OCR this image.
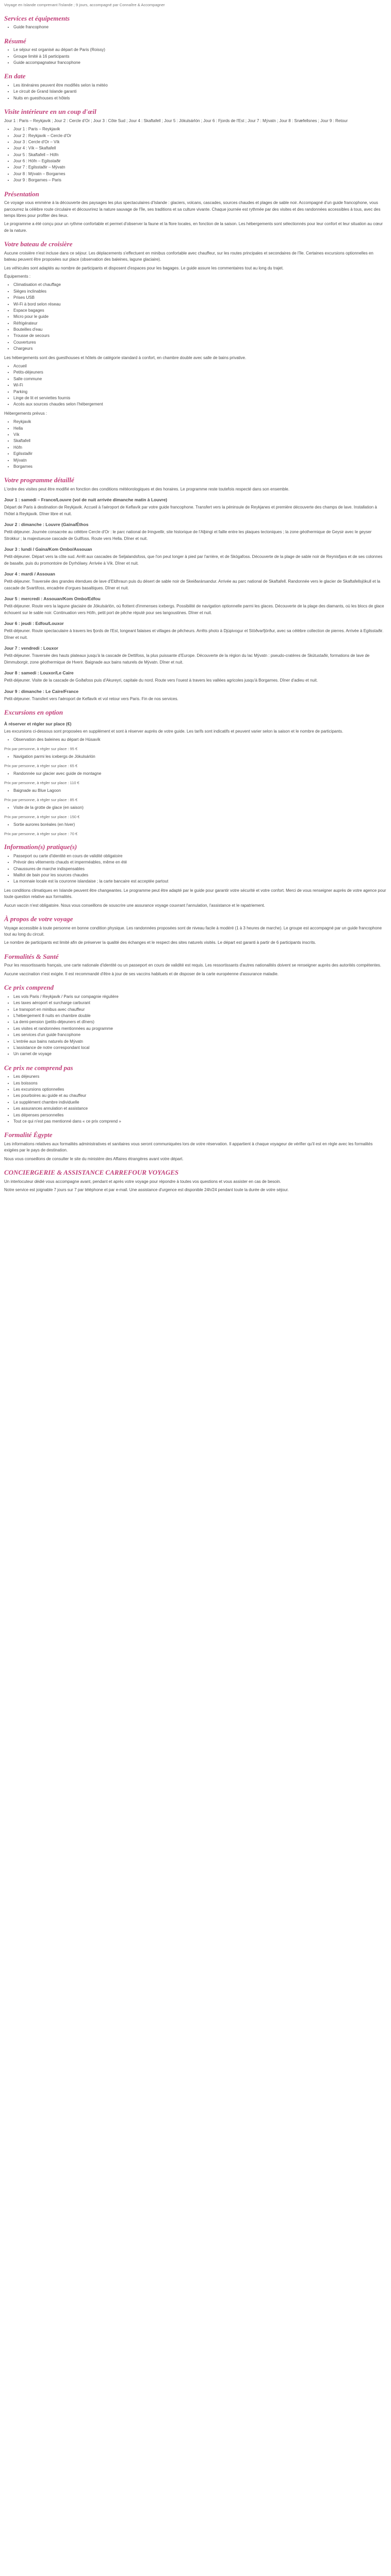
Voyage en Islande comprenant l'Islande ; 9 jours, accompagné par Connaître & Accompagner
Services et équipements
• Guide francophone
Résumé
• Le séjour est organisé au départ de Paris (Roissy)
• Groupe limité à 16 participants
• Guide accompagnateur francophone
En date
• Les itinéraires peuvent être modifiés selon la météo
• Le circuit de Grand Islande garanti
• Nuits en guesthouses et hôtels
Visite intérieure en un coup d'œil

Jour 1 : Paris – Reykjavik ; Jour 2 : Cercle d'Or ; Jour 3 : Côte Sud ; Jour 4 : Skaftafell ; Jour 5 : Jökulsárlón ; Jour 6 : Fjords de l'Est ; Jour 7 : Mývatn ; Jour 8 : Snæfellsnes ; Jour 9 : Retour

• Jour 1 : Paris – Reykjavik
• Jour 2 : Reykjavik – Cercle d'Or
• Jour 3 : Cercle d'Or – Vík
• Jour 4 : Vík – Skaftafell
• Jour 5 : Skaftafell – Höfn
• Jour 6 : Höfn – Egilsstaðir
• Jour 7 : Egilsstaðir – Mývatn
• Jour 8 : Mývatn – Borgarnes
• Jour 9 : Borgarnes – Paris
Présentation

Ce voyage vous emmène à la découverte des paysages les plus spectaculaires d'Islande : glaciers, volcans, cascades, sources chaudes et plages de sable noir. Accompagné d'un guide francophone, vous parcourrez la célèbre route circulaire et découvrirez la nature sauvage de l'île, ses traditions et sa culture vivante. Chaque journée est rythmée par des visites et des randonnées accessibles à tous, avec des temps libres pour profiter des lieux.

Le programme a été conçu pour un rythme confortable et permet d'observer la faune et la flore locales, en fonction de la saison. Les hébergements sont sélectionnés pour leur confort et leur situation au cœur de la nature.

Votre bateau de croisière

Aucune croisière n'est incluse dans ce séjour. Les déplacements s'effectuent en minibus confortable avec chauffeur, sur les routes principales et secondaires de l'île. Certaines excursions optionnelles en bateau peuvent être proposées sur place (observation des baleines, lagune glaciaire).

Les véhicules sont adaptés au nombre de participants et disposent d'espaces pour les bagages. Le guide assure les commentaires tout au long du trajet.

Équipements :

• Climatisation et chauffage
• Sièges inclinables
• Prises USB
• Wi-Fi à bord selon réseau
• Espace bagages
• Micro pour le guide
• Réfrigérateur
• Bouteilles d'eau
• Trousse de secours
• Couvertures
• Chargeurs

Les hébergements sont des guesthouses et hôtels de catégorie standard à confort, en chambre double avec salle de bains privative.

• Accueil
• Petits-déjeuners
• Salle commune
• Wi-Fi
• Parking
• Linge de lit et serviettes fournis
• Accès aux sources chaudes selon l'hébergement

Hébergements prévus :

• Reykjavik
• Hella
• Vík
• Skaftafell
• Höfn
• Egilsstaðir
• Mývatn
• Borgarnes
Votre programme détaillé

L'ordre des visites peut être modifié en fonction des conditions météorologiques et des horaires. Le programme reste toutefois respecté dans son ensemble.

Jour 1 : samedi – France/Louvre (vol de nuit arrivée dimanche matin à Louvre)

Départ de Paris à destination de Reykjavik. Accueil à l'aéroport de Keflavík par votre guide francophone. Transfert vers la péninsule de Reykjanes et première découverte des champs de lave. Installation à l'hôtel à Reykjavik. Dîner libre et nuit.

Jour 2 : dimanche : Louvre (Gaina/Éthos

Petit-déjeuner. Journée consacrée au célèbre Cercle d'Or : le parc national de Þingvellir, site historique de l'Alþingi et faille entre les plaques tectoniques ; la zone géothermique de Geysir avec le geyser Strokkur ; la majestueuse cascade de Gullfoss. Route vers Hella. Dîner et nuit.

Jour 3 : lundi / Gaina/Kom Ombo/Assouan

Petit-déjeuner. Départ vers la côte sud. Arrêt aux cascades de Seljalandsfoss, que l'on peut longer à pied par l'arrière, et de Skógafoss. Découverte de la plage de sable noir de Reynisfjara et de ses colonnes de basalte, puis du promontoire de Dyrhólaey. Arrivée à Vík. Dîner et nuit.

Jour 4 : mardi / Assouan

Petit-déjeuner. Traversée des grandes étendues de lave d'Eldhraun puis du désert de sable noir de Skeiðarársandur. Arrivée au parc national de Skaftafell. Randonnée vers le glacier de Skaftafellsjökull et la cascade de Svartifoss, encadrée d'orgues basaltiques. Dîner et nuit.

Jour 5 : mercredi : Assouan/Kom Ombo/Edfou

Petit-déjeuner. Route vers la lagune glaciaire de Jökulsárlón, où flottent d'immenses icebergs. Possibilité de navigation optionnelle parmi les glaces. Découverte de la plage des diamants, où les blocs de glace échouent sur le sable noir. Continuation vers Höfn, petit port de pêche réputé pour ses langoustines. Dîner et nuit.

Jour 6 : jeudi : Edfou/Louxor

Petit-déjeuner. Route spectaculaire à travers les fjords de l'Est, longeant falaises et villages de pêcheurs. Arrêts photo à Djúpivogur et Stöðvarfjörður, avec sa célèbre collection de pierres. Arrivée à Egilsstaðir. Dîner et nuit.

Jour 7 : vendredi : Louxor

Petit-déjeuner. Traversée des hauts plateaux jusqu'à la cascade de Dettifoss, la plus puissante d'Europe. Découverte de la région du lac Mývatn : pseudo-cratères de Skútustaðir, formations de lave de Dimmuborgir, zone géothermique de Hverir. Baignade aux bains naturels de Mývatn. Dîner et nuit.

Jour 8 : samedi : Louxor/Le Caire

Petit-déjeuner. Visite de la cascade de Goðafoss puis d'Akureyri, capitale du nord. Route vers l'ouest à travers les vallées agricoles jusqu'à Borgarnes. Dîner d'adieu et nuit.

Jour 9 : dimanche : Le Caire/France

Petit-déjeuner. Transfert vers l'aéroport de Keflavík et vol retour vers Paris. Fin de nos services.

Excursions en option
À réserver et régler sur place (€)

Les excursions ci-dessous sont proposées en supplément et sont à réserver auprès de votre guide. Les tarifs sont indicatifs et peuvent varier selon la saison et le nombre de participants.

• Observation des baleines au départ de Húsavík

Prix par personne, à régler sur place : 95 €

• Navigation parmi les icebergs de Jökulsárlón

Prix par personne, à régler sur place : 65 €

• Randonnée sur glacier avec guide de montagne

Prix par personne, à régler sur place : 110 €

• Baignade au Blue Lagoon

Prix par personne, à régler sur place : 85 €

• Visite de la grotte de glace (en saison)

Prix par personne, à régler sur place : 150 €

• Sortie aurores boréales (en hiver)

Prix par personne, à régler sur place : 70 €

Information(s) pratique(s)
• Passeport ou carte d'identité en cours de validité obligatoire
• Prévoir des vêtements chauds et imperméables, même en été
• Chaussures de marche indispensables
• Maillot de bain pour les sources chaudes
• La monnaie locale est la couronne islandaise ; la carte bancaire est acceptée partout

Les conditions climatiques en Islande peuvent être changeantes. Le programme peut être adapté par le guide pour garantir votre sécurité et votre confort. Merci de vous renseigner auprès de votre agence pour toute question relative aux formalités.

Aucun vaccin n'est obligatoire. Nous vous conseillons de souscrire une assurance voyage couvrant l'annulation, l'assistance et le rapatriement.

À propos de votre voyage

Voyage accessible à toute personne en bonne condition physique. Les randonnées proposées sont de niveau facile à modéré (1 à 3 heures de marche). Le groupe est accompagné par un guide francophone tout au long du circuit.

Le nombre de participants est limité afin de préserver la qualité des échanges et le respect des sites naturels visités. Le départ est garanti à partir de 6 participants inscrits.

Formalités & Santé

Pour les ressortissants français, une carte nationale d'identité ou un passeport en cours de validité est requis. Les ressortissants d'autres nationalités doivent se renseigner auprès des autorités compétentes.

Aucune vaccination n'est exigée. Il est recommandé d'être à jour de ses vaccins habituels et de disposer de la carte européenne d'assurance maladie.

Ce prix comprend
• Les vols Paris / Reykjavik / Paris sur compagnie régulière
• Les taxes aéroport et surcharge carburant
• Le transport en minibus avec chauffeur
• L'hébergement 8 nuits en chambre double
• La demi-pension (petits-déjeuners et dîners)
• Les visites et randonnées mentionnées au programme
• Les services d'un guide francophone
• L'entrée aux bains naturels de Mývatn
• L'assistance de notre correspondant local
• Un carnet de voyage
Ce prix ne comprend pas
• Les déjeuners
• Les boissons
• Les excursions optionnelles
• Les pourboires au guide et au chauffeur
• Le supplément chambre individuelle
• Les assurances annulation et assistance
• Les dépenses personnelles
• Tout ce qui n'est pas mentionné dans « ce prix comprend »
Formalité Égypte

Les informations relatives aux formalités administratives et sanitaires vous seront communiquées lors de votre réservation. Il appartient à chaque voyageur de vérifier qu'il est en règle avec les formalités exigées par le pays de destination.

Nous vous conseillons de consulter le site du ministère des Affaires étrangères avant votre départ.

CONCIERGERIE & ASSISTANCE CARREFOUR VOYAGES

Un interlocuteur dédié vous accompagne avant, pendant et après votre voyage pour répondre à toutes vos questions et vous assister en cas de besoin.

Notre service est joignable 7 jours sur 7 par téléphone et par e-mail. Une assistance d'urgence est disponible 24h/24 pendant toute la durée de votre séjour.
